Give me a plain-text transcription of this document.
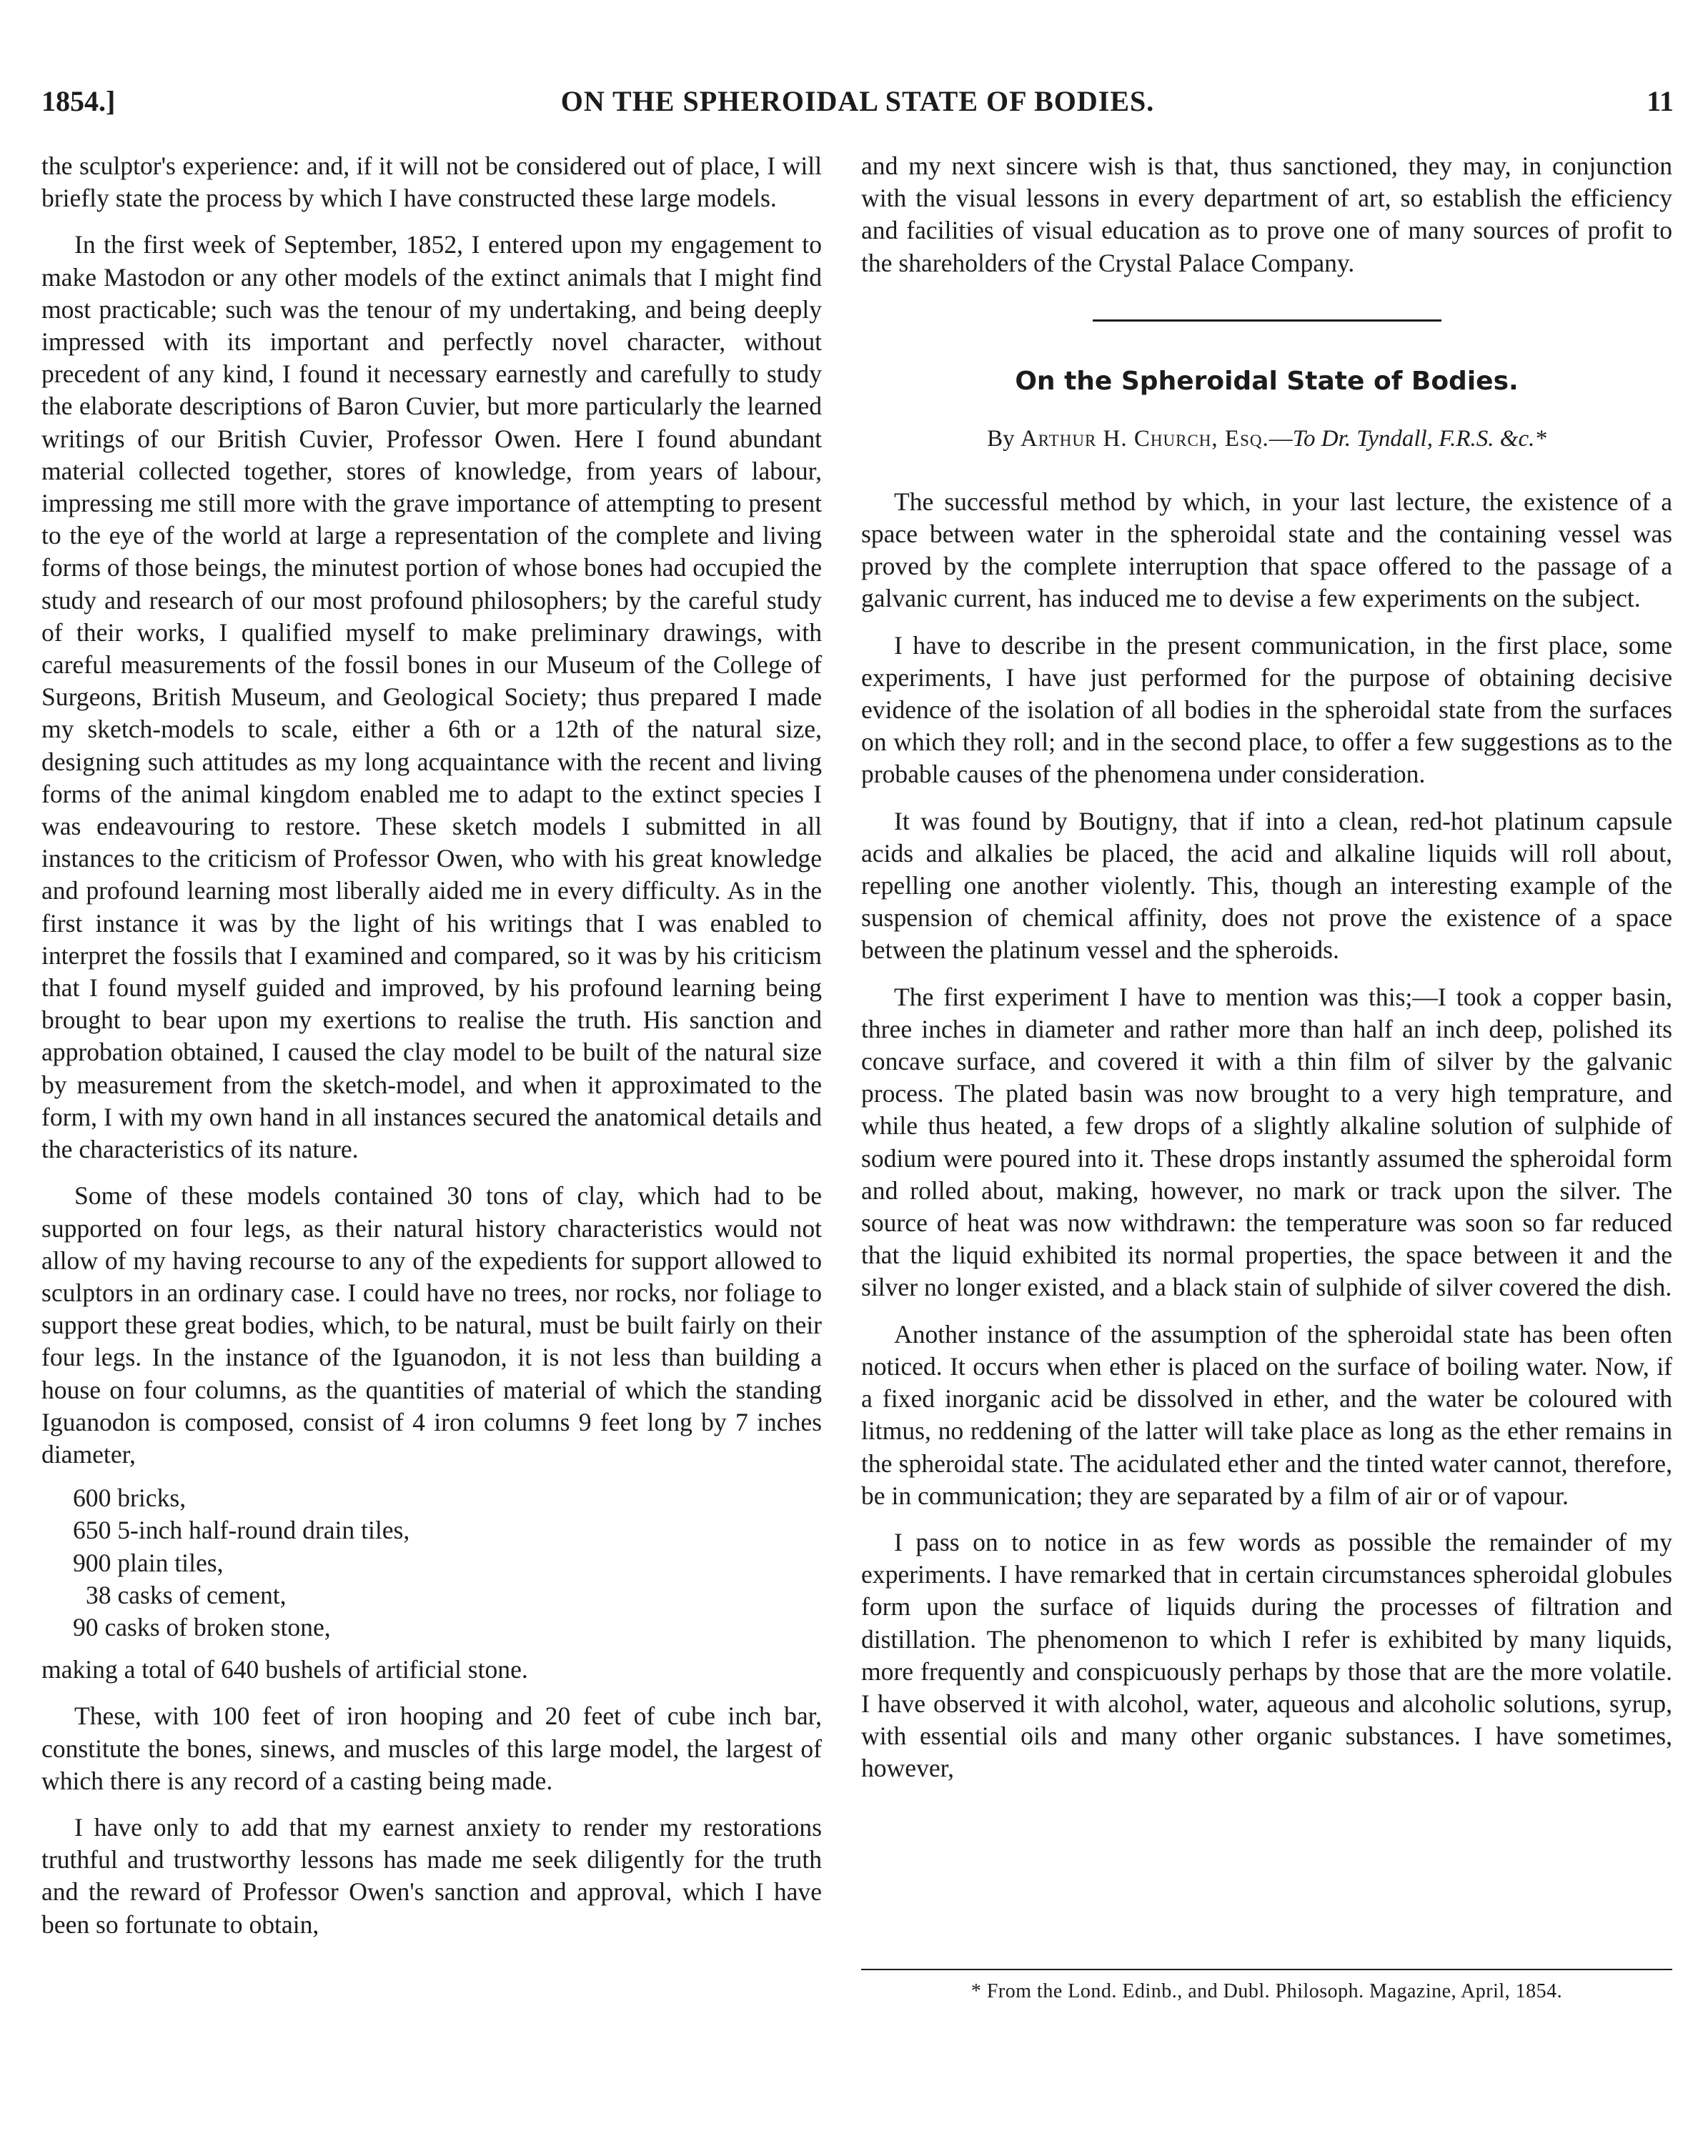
1854.]	ON THE SPHEROIDAL STATE OF BODIES.	11

the sculptor's experience: and, if it will not be considered out of place, I will briefly state the process by which I have constructed these large models.

In the first week of September, 1852, I entered upon my engagement to make Mastodon or any other models of the extinct animals that I might find most practicable; such was the tenour of my undertaking, and being deeply impressed with its important and perfectly novel character, without precedent of any kind, I found it necessary earnestly and carefully to study the elaborate descriptions of Baron Cuvier, but more particularly the learned writings of our British Cuvier, Professor Owen. Here I found abundant material collected together, stores of knowledge, from years of labour, impressing me still more with the grave importance of attempting to present to the eye of the world at large a representation of the complete and living forms of those beings, the minutest portion of whose bones had occupied the study and research of our most profound philosophers; by the careful study of their works, I qualified myself to make preliminary drawings, with careful measurements of the fossil bones in our Museum of the College of Surgeons, British Museum, and Geological Society; thus prepared I made my sketch-models to scale, either a 6th or a 12th of the natural size, designing such attitudes as my long acquaintance with the recent and living forms of the animal kingdom enabled me to adapt to the extinct species I was endeavouring to restore. These sketch models I submitted in all instances to the criticism of Professor Owen, who with his great knowledge and profound learning most liberally aided me in every difficulty. As in the first instance it was by the light of his writings that I was enabled to interpret the fossils that I examined and compared, so it was by his criticism that I found myself guided and improved, by his profound learning being brought to bear upon my exertions to realise the truth. His sanction and approbation obtained, I caused the clay model to be built of the natural size by measurement from the sketch-model, and when it approximated to the form, I with my own hand in all instances secured the anatomical details and the characteristics of its nature.

Some of these models contained 30 tons of clay, which had to be supported on four legs, as their natural history characteristics would not allow of my having recourse to any of the expedients for support allowed to sculptors in an ordinary case. I could have no trees, nor rocks, nor foliage to support these great bodies, which, to be natural, must be built fairly on their four legs. In the instance of the Iguanodon, it is not less than building a house on four columns, as the quantities of material of which the standing Iguanodon is composed, consist of 4 iron columns 9 feet long by 7 inches diameter,

600 bricks,
650 5-inch half-round drain tiles,
900 plain tiles,
38 casks of cement,
90 casks of broken stone,

making a total of 640 bushels of artificial stone.

These, with 100 feet of iron hooping and 20 feet of cube inch bar, constitute the bones, sinews, and muscles of this large model, the largest of which there is any record of a casting being made.

I have only to add that my earnest anxiety to render my restorations truthful and trustworthy lessons has made me seek diligently for the truth and the reward of Professor Owen's sanction and approval, which I have been so fortunate to obtain,

and my next sincere wish is that, thus sanctioned, they may, in conjunction with the visual lessons in every department of art, so establish the efficiency and facilities of visual education as to prove one of many sources of profit to the shareholders of the Crystal Palace Company.

On the Spheroidal State of Bodies.
By Arthur H. Church, Esq.—To Dr. Tyndall, F.R.S. &c.*

The successful method by which, in your last lecture, the existence of a space between water in the spheroidal state and the containing vessel was proved by the complete interruption that space offered to the passage of a galvanic current, has induced me to devise a few experiments on the subject.

I have to describe in the present communication, in the first place, some experiments, I have just performed for the purpose of obtaining decisive evidence of the isolation of all bodies in the spheroidal state from the surfaces on which they roll; and in the second place, to offer a few suggestions as to the probable causes of the phenomena under consideration.

It was found by Boutigny, that if into a clean, red-hot platinum capsule acids and alkalies be placed, the acid and alkaline liquids will roll about, repelling one another violently. This, though an interesting example of the suspension of chemical affinity, does not prove the existence of a space between the platinum vessel and the spheroids.

The first experiment I have to mention was this;—I took a copper basin, three inches in diameter and rather more than half an inch deep, polished its concave surface, and covered it with a thin film of silver by the galvanic process. The plated basin was now brought to a very high temprature, and while thus heated, a few drops of a slightly alkaline solution of sulphide of sodium were poured into it. These drops instantly assumed the spheroidal form and rolled about, making, however, no mark or track upon the silver. The source of heat was now withdrawn: the temperature was soon so far reduced that the liquid exhibited its normal properties, the space between it and the silver no longer existed, and a black stain of sulphide of silver covered the dish.

Another instance of the assumption of the spheroidal state has been often noticed. It occurs when ether is placed on the surface of boiling water. Now, if a fixed inorganic acid be dissolved in ether, and the water be coloured with litmus, no reddening of the latter will take place as long as the ether remains in the spheroidal state. The acidulated ether and the tinted water cannot, therefore, be in communication; they are separated by a film of air or of vapour.

I pass on to notice in as few words as possible the remainder of my experiments. I have remarked that in certain circumstances spheroidal globules form upon the surface of liquids during the processes of filtration and distillation. The phenomenon to which I refer is exhibited by many liquids, more frequently and conspicuously perhaps by those that are the more volatile. I have observed it with alcohol, water, aqueous and alcoholic solutions, syrup, with essential oils and many other organic substances. I have sometimes, however,

* From the Lond. Edinb., and Dubl. Philosoph. Magazine, April, 1854.
